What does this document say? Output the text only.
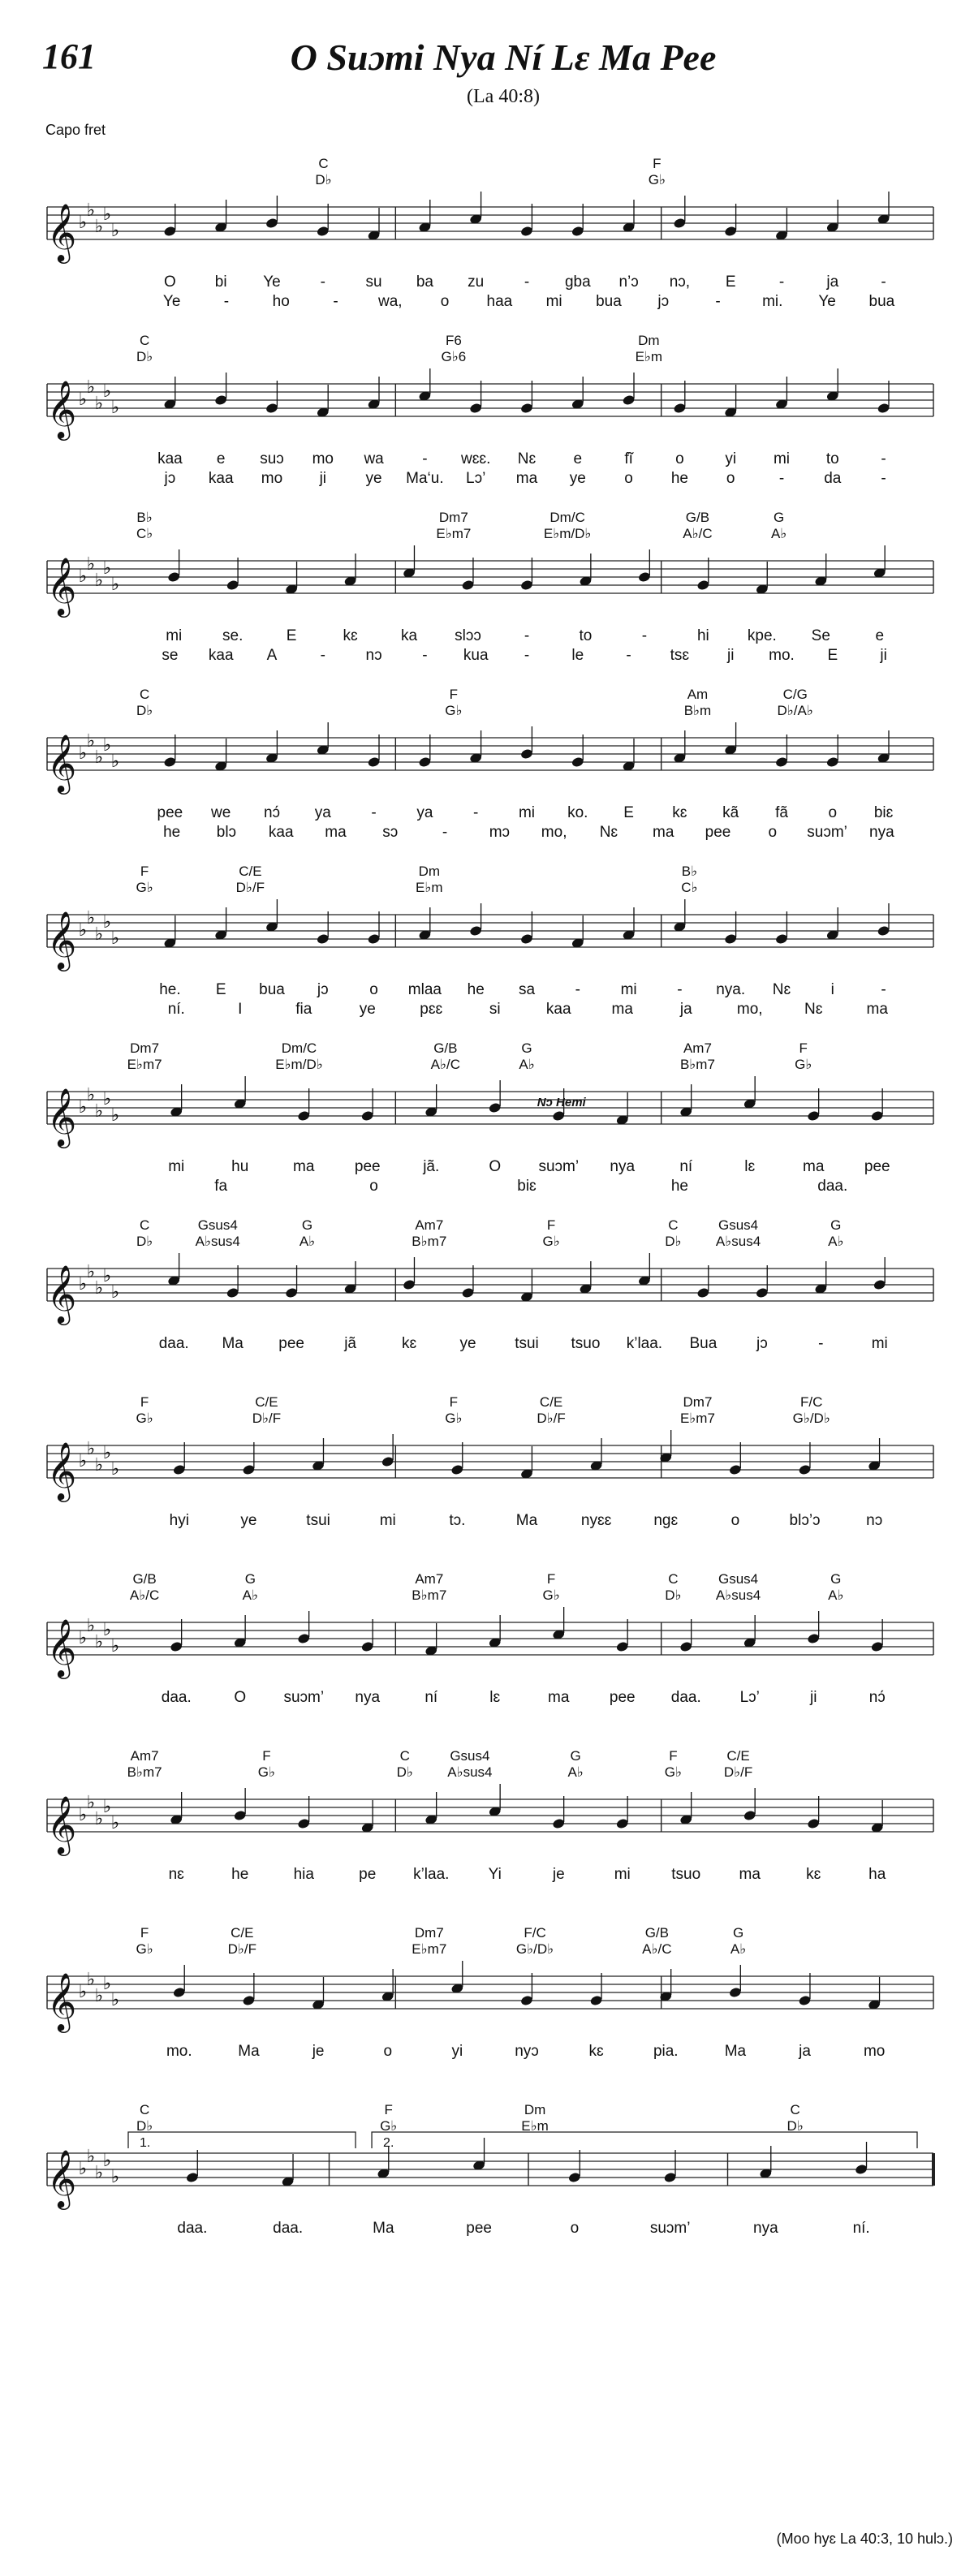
161	O Suɔmi Nya Ní Lɛ Ma Pee
(La 40:8)
Capo fret
C
D♭
F
G♭
𝄞 ♭
♭
♭
♭
♭
O	bi Ye	-	su ba zu	- gba n’ɔ nɔ, E	-	ja	-
Ye	-	ho	-	wa, o haa mi bua jɔ	-	mi. Ye bua
C
D♭
F6
G♭6
Dm
E♭m
𝄞 ♭
♭
♭
♭
♭
kaa e suɔ mo wa - wɛɛ. Nɛ e	fĩ	o	yi mi to	-
jɔ kaa mo ji	ye Ma‘u. Lɔ’ ma ye o he o	-	da	-
B♭
C♭
Dm7
E♭m7
Dm/C
E♭m/D♭
G/B
A♭/C
G
A♭
𝄞 ♭
♭
♭
♭
♭
mi	se.	E	kɛ	ka slɔɔ	-	to	-	hi kpe. Se	e
se kaa A	-	nɔ	- kua -	le	-	tsɛ ji mo. E	ji
C
D♭
F
G♭
Am
B♭m
C/G
D♭/A♭
𝄞 ♭
♭
♭
♭
♭
pee we nɔ́ ya	-	ya	-	mi ko. E kɛ kã fã	o biɛ
he blɔ kaa ma sɔ	-	mɔ mo, Nɛ ma pee o suɔm’ nya
F
G♭
C/E
D♭/F
Dm
E♭m
B♭
C♭
𝄞 ♭
♭
♭
♭
♭
he. E bua jɔ	o mlaa he sa	-	mi	- nya. Nɛ	i	-
ní.	I	fia	ye	pɛɛ	si	kaa	ma	ja	mo,	Nɛ	ma
Dm7
E♭m7
Dm/C
E♭m/D♭
G/B
A♭/C
G
A♭
Am7
B♭m7
F
G♭
𝄞 ♭
♭
♭
♭
♭
mi	hu	ma	pee	jã.	O suɔm’ nya	ní	lɛ	ma	pee
fa	o	biɛ	he	daa.
Nɔ Hemi
C
D♭
Gsus4
A♭sus4
G
A♭
Am7
B♭m7
F
G♭
C
D♭
Gsus4
A♭sus4
G
A♭
𝄞 ♭
♭
♭
♭
♭
daa. Ma pee	jã	kɛ	ye	tsui tsuo k’laa. Bua	jɔ	-	mi
F
G♭
C/E
D♭/F
F
G♭
C/E
D♭/F
Dm7
E♭m7
F/C
G♭/D♭
𝄞 ♭
♭
♭
♭
♭
hyi	ye	tsui	mi	tɔ.	Ma	nyɛɛ	ngɛ	o	blɔ’ɔ	nɔ
G/B
A♭/C
G
A♭
Am7
B♭m7
F
G♭
C
D♭
Gsus4
A♭sus4
G
A♭
𝄞 ♭
♭
♭
♭
♭
daa.	O suɔm’ nya	ní	lɛ	ma	pee daa.	Lɔ’	ji	nɔ́
Am7
B♭m7
F
G♭
C
D♭
Gsus4
A♭sus4
G
A♭
F
G♭
C/E
D♭/F
𝄞 ♭
♭
♭
♭
♭
nɛ	he	hia	pe k’laa.	Yi	je	mi	tsuo ma	kɛ	ha
F
G♭
C/E
D♭/F
Dm7
E♭m7
F/C
G♭/D♭
G/B
A♭/C
G
A♭
𝄞 ♭
♭
♭
♭
♭
mo.	Ma	je	o	yi	nyɔ	kɛ	pia.	Ma	ja	mo
C
D♭
F
G♭
Dm
E♭m
C
D♭
𝄞 ♭
♭
♭
♭
♭
daa.	daa.	Ma	pee	o	suɔm’	nya	ní.
1.	2.
(Moo hyɛ La 40:3, 10 hulɔ.)
